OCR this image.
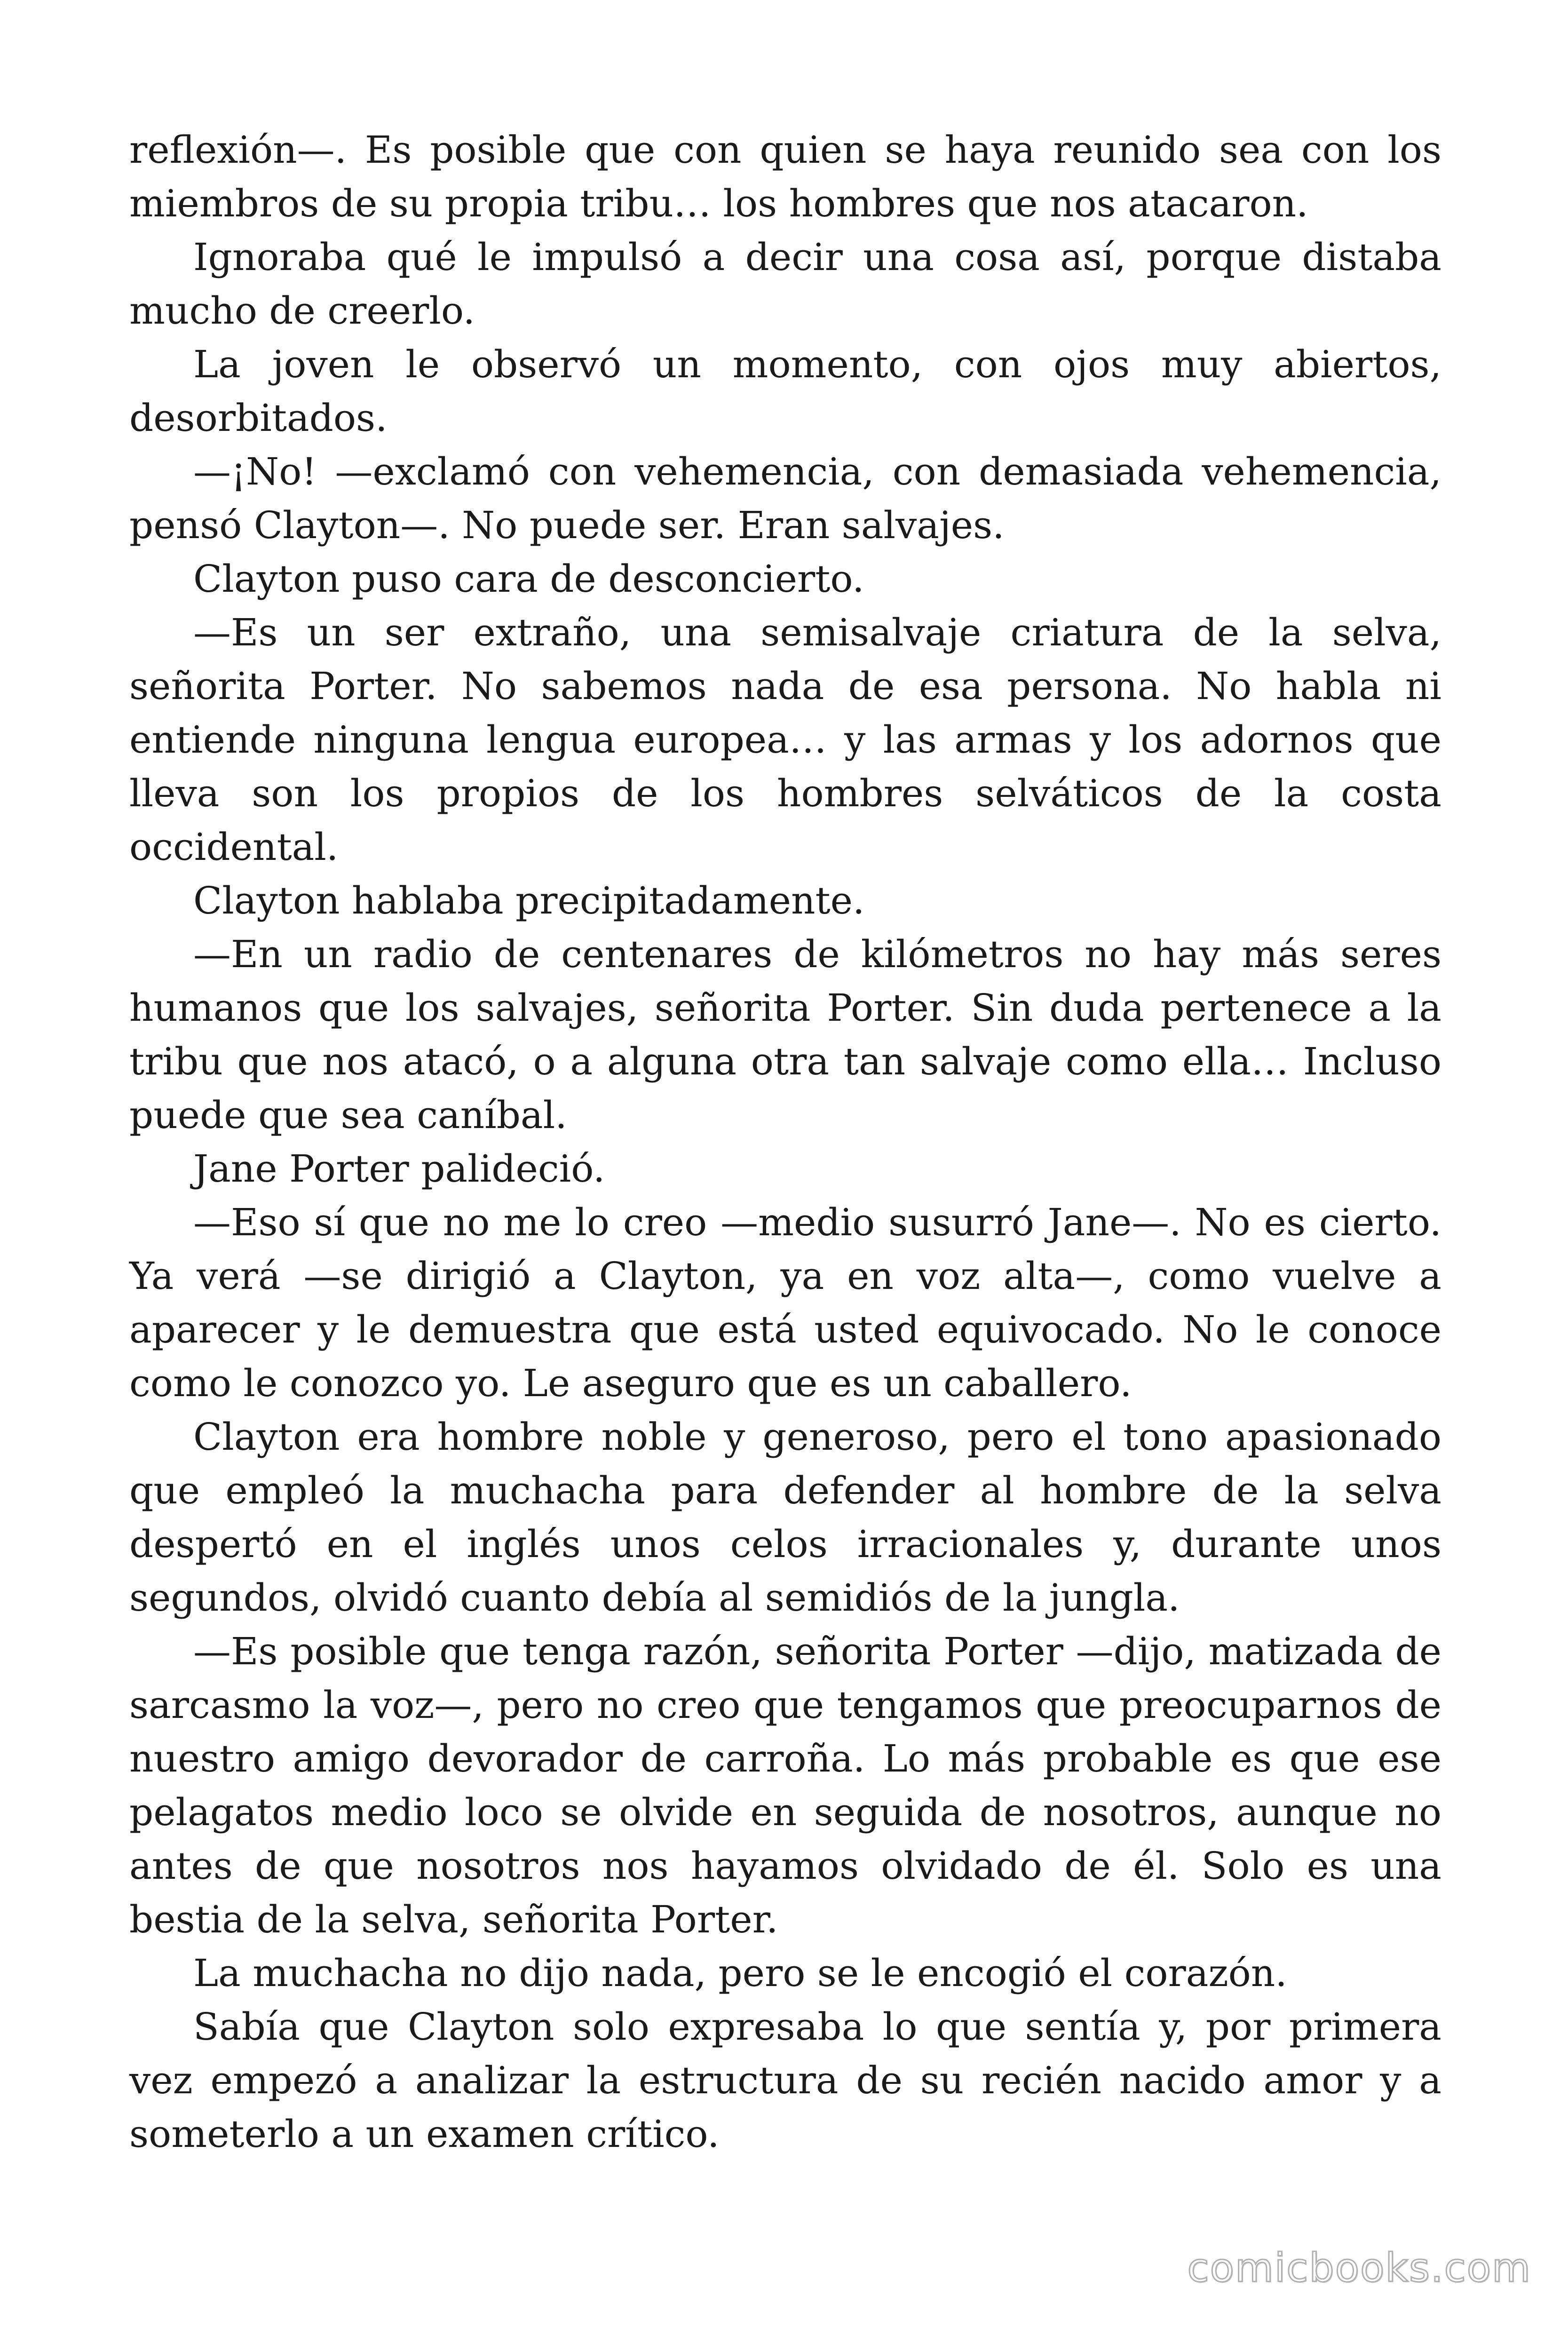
reflexión—. Es posible que con quien se haya reunido sea con los miembros de su propia tribu… los hombres que nos atacaron.

Ignoraba qué le impulsó a decir una cosa así, porque distaba mucho de creerlo.

La joven le observó un momento, con ojos muy abiertos, desorbitados.

—¡No! —exclamó con vehemencia, con demasiada vehemencia, pensó Clayton—. No puede ser. Eran salvajes.

Clayton puso cara de desconcierto.

—Es un ser extraño, una semisalvaje criatura de la selva, señorita Porter. No sabemos nada de esa persona. No habla ni entiende ninguna lengua europea… y las armas y los adornos que lleva son los propios de los hombres selváticos de la costa occidental.

Clayton hablaba precipitadamente.

—En un radio de centenares de kilómetros no hay más seres humanos que los salvajes, señorita Porter. Sin duda pertenece a la tribu que nos atacó, o a alguna otra tan salvaje como ella… Incluso puede que sea caníbal.

Jane Porter palideció.

—Eso sí que no me lo creo —medio susurró Jane—. No es cierto. Ya verá —se dirigió a Clayton, ya en voz alta—, como vuelve a aparecer y le demuestra que está usted equivocado. No le conoce como le conozco yo. Le aseguro que es un caballero.

Clayton era hombre noble y generoso, pero el tono apasionado que empleó la muchacha para defender al hombre de la selva despertó en el inglés unos celos irracionales y, durante unos segundos, olvidó cuanto debía al semidiós de la jungla.

—Es posible que tenga razón, señorita Porter —dijo, matizada de sarcasmo la voz—, pero no creo que tengamos que preocuparnos de nuestro amigo devorador de carroña. Lo más probable es que ese pelagatos medio loco se olvide en seguida de nosotros, aunque no antes de que nosotros nos hayamos olvidado de él. Solo es una bestia de la selva, señorita Porter.

La muchacha no dijo nada, pero se le encogió el corazón.

Sabía que Clayton solo expresaba lo que sentía y, por primera vez empezó a analizar la estructura de su recién nacido amor y a someterlo a un examen crítico.

comicbooks.com
